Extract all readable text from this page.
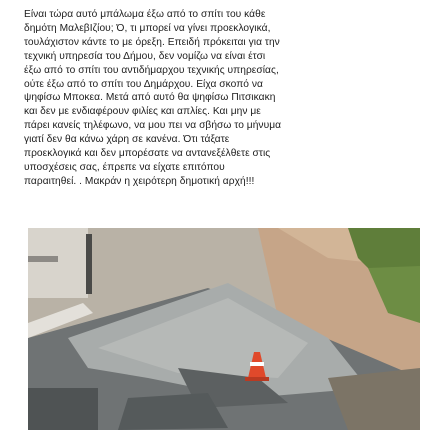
Είναι τώρα αυτό μπάλωμα έξω από το σπίτι του κάθε
δημότη ΜαλεβΙζίου; Ό, τι μπορεί να γίνει προεκλογικά,
τουλάχιστον κάντε το με όρεξη. Επειδή πρόκειται για την
τεχνική υπηρεσία του Δήμου, δεν νομίζω να είναι έτσι
έξω από το σπίτι του αντιδήμαρχου τεχνικής υπηρεσίας,
ούτε έξω από το σπίτι του Δημάρχου. Είχα σκοπό να
ψηφίσω Μποκεα. Μετά από αυτό θα ψηφίσω Πιτσικακη
και δεν με ενδιαφέρουν φιλίες και απλίες. Και μην με
πάρει κανείς τηλέφωνο, να μου πει να σβήσω το μήνυμα
γιατί δεν θα κάνω χάρη σε κανένα. Ότι τάξατε
προεκλογικά και δεν μπορέσατε να αντανεξέλθετε στις
υποσχέσεις σας, έπρεπε να είχατε επιτόπου
παραιτηθεί. . Μακράν η χειρότερη δημοτική αρχή!!!
